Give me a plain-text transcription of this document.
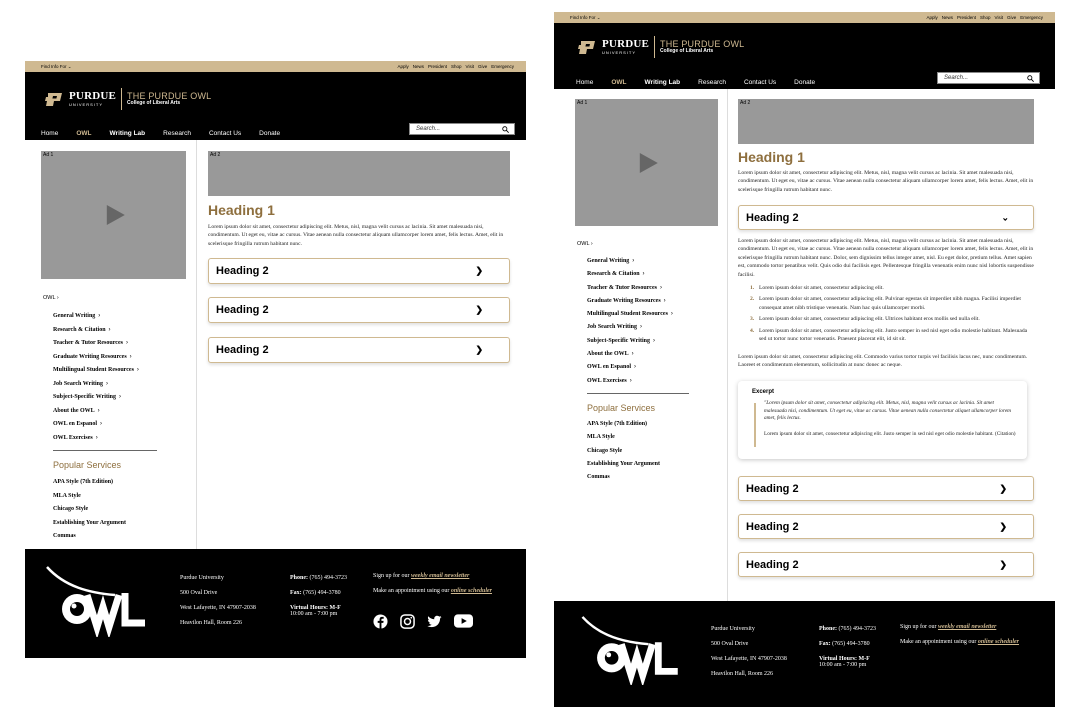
Find Info For ⌄	Apply News President Shop Visit Give Emergency
PURDUE
UNIVERSITY
THE PURDUE OWL
College of Liberal Arts
Home	OWL	Writing Lab	Research	Contact Us	Donate
Search...
Ad 1
OWL ›
General Writing ›
Research & Citation ›
Teacher & Tutor Resources ›
Graduate Writing Resources ›
Multilingual Student Resources ›
Job Search Writing ›
Subject-Specific Writing ›
About the OWL ›
OWL en Espanol ›
OWL Exercises ›
Popular Services
APA Style (7th Edition)
MLA Style
Chicago Style
Establishing Your Argument
Commas
Ad 2
Heading 1
Lorem ipsum dolor sit amet, consectetur adipiscing elit. Metus, nisl, magna velit cursus ac lacinia. Sit amet malesuada nisi, condimentum. Ut eget eu, vitae ac cursus. Vitae aenean nulla consectetur aliquam ullamcorper lorem amet, felis lectus. Amet, elit in scelerisque fringilla rutrum habitant nunc.
Heading 2	❯
Heading 2	❯
Heading 2	❯
Purdue University
500 Oval Drive
West Lafayette, IN 47907-2038
Heavilon Hall, Room 226
Phone: (765) 494-3723
Fax: (765) 494-3780
Virtual Hours: M-F
10:00 am - 7:00 pm
Sign up for our weekly email newsletter
Make an appointment using our online scheduler
Find Info For ⌄	Apply News President Shop Visit Give Emergency
PURDUE
UNIVERSITY
THE PURDUE OWL
College of Liberal Arts
Home	OWL	Writing Lab	Research	Contact Us	Donate
Search...
Ad 1
OWL ›
General Writing ›
Research & Citation ›
Teacher & Tutor Resources ›
Graduate Writing Resources ›
Multilingual Student Resources ›
Job Search Writing ›
Subject-Specific Writing ›
About the OWL ›
OWL en Espanol ›
OWL Exercises ›
Popular Services
APA Style (7th Edition)
MLA Style
Chicago Style
Establishing Your Argument
Commas
Ad 2
Heading 1
Lorem ipsum dolor sit amet, consectetur adipiscing elit. Metus, nisl, magna velit cursus ac lacinia. Sit amet malesuada nisi, condimentum. Ut eget eu, vitae ac cursus. Vitae aenean nulla consectetur aliquam ullamcorper lorem amet, felis lectus. Amet, elit in scelerisque fringilla rutrum habitant nunc.
Heading 2	⌄
Lorem ipsum dolor sit amet, consectetur adipiscing elit. Metus, nisl, magna velit cursus ac lacinia. Sit amet malesuada nisi, condimentum. Ut eget eu, vitae ac cursus. Vitae aenean nulla consectetur aliquam ullamcorper lorem amet, felis lectus. Amet, elit in scelerisque fringilla rutrum habitant nunc. Dolor, sem dignissim tellus integer amet, nisl. Eu eget dolor, pretium tellus. Amet sapien est, commodo tortor penatibus velit. Quis odio dui facilisis eget. Pellentesque fringilla venenatis enim nunc nisl lobortis suspendisse facilisi.
1. Lorem ipsum dolor sit amet, consectetur adipiscing elit.
2. Lorem ipsum dolor sit amet, consectetur adipiscing elit. Pulvinar egestas sit imperdiet nibh magna. Facilisi imperdiet consequat amet nibh tristique venenatis. Nam hac quis ullamcorper morbi.
3. Lorem ipsum dolor sit amet, consectetur adipiscing elit. Ultrices habitant eros mollis sed nulla elit.
4. Lorem ipsum dolor sit amet, consectetur adipiscing elit. Justo semper in sed nisl eget odio molestie habitant. Malesuada sed ut tortor nunc tortor venenatis. Praesent placerat elit, id sit sit.
Lorem ipsum dolor sit amet, consectetur adipiscing elit. Commodo varius tortor turpis vel facilisis lacus nec, nunc condimentum. Laoreet et condimentum elementum, sollicitudin at nunc donec ac neque.
Excerpt
"Lorem ipsum dolor sit amet, consectetur adipiscing elit. Metus, nisl, magna velit cursus ac lacinia. Sit amet malesuada nisi, condimentum. Ut eget eu, vitae ac cursus. Vitae aenean nulla consectetur aliquet ullamcorper lorem amet, felis lectus.
Lorem ipsum dolor sit amet, consectetur adipiscing elit. Justo semper in sed nisl eget odio molestie habitant. (Citation)
Heading 2	❯
Heading 2	❯
Heading 2	❯
Purdue University
500 Oval Drive
West Lafayette, IN 47907-2038
Heavilon Hall, Room 226
Phone: (765) 494-3723
Fax: (765) 494-3780
Virtual Hours: M-F
10:00 am - 7:00 pm
Sign up for our weekly email newsletter
Make an appointment using our online scheduler
